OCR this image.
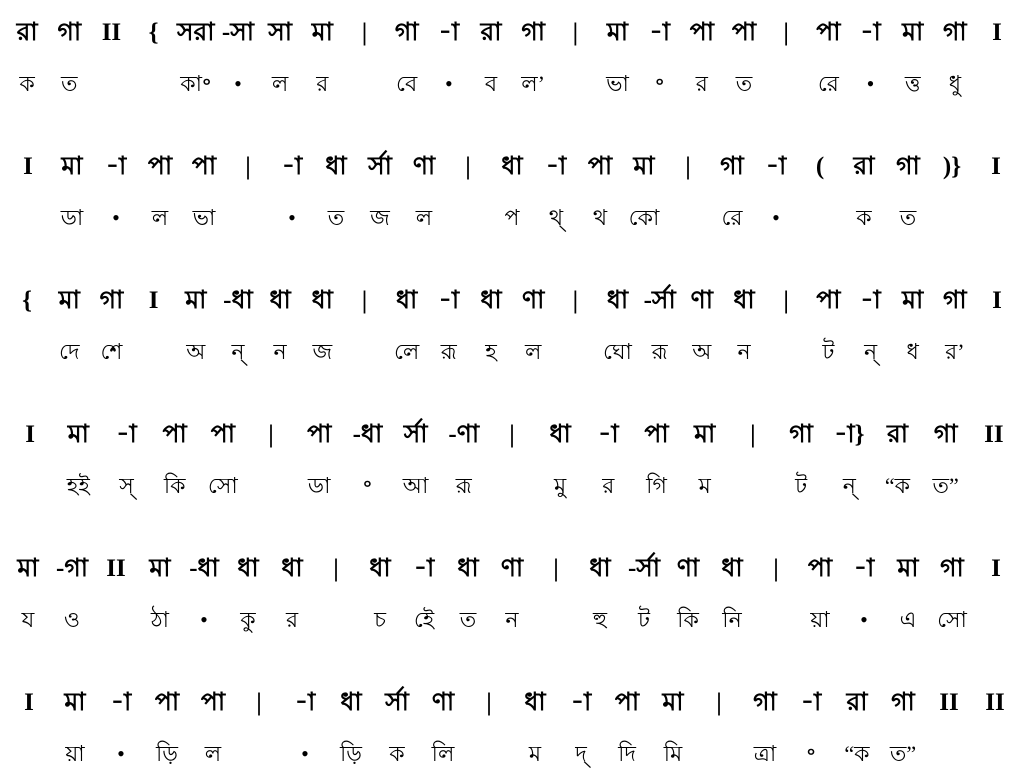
রা গা II	{ সরা -সা সা মা	|	গা -া রা গা	|	মা -া পা পা	|	পা -া মা গা	I
ক	ত	কা॰	•	ল	র	বে	•	ব	ল’	ভা	॰	র	ত	রে	•	ত্ত	ধু
I	মা -া পা পা	|	-া ধা র্সা ণা	|	ধা -া পা মা	|	গা -া	(	রা গা )}	I
ডা	•	ল	ভা	•	ত	জ	ল	প	থ্	থ কো	রে	•	ক	ত
{	মা গা	I	মা -ধা ধা ধা	|	ধা -া ধা ণা	|	ধা -র্সা ণা ধা	|	পা -া মা গা	I
দে শে	অ	ন্	ন	জ	লে রূ	হ	ল	ঘো রূ	অ	ন	ট	ন্	ধ	র’
I	মা	-া	পা পা	|	পা -ধা র্সা -ণা	|	ধা	-া	পা	মা	|	গা -া} রা	গা	II
হই	স্	কি	সো	ডা	॰	আ	রূ	মু	র	গি	ম	ট	ন্	“ক	ত”
মা -গা II মা -ধা ধা ধা	|	ধা -া ধা ণা	|	ধা -র্সা ণা ধা	|	পা -া মা গা	I
য	ও	ঠা	•	কু	র	চ	ইে	ত	ন	হু	ট	কি	নি	য়া	•	এ সো
I	মা	-া পা পা	|	-া	ধা র্সা ণা	|	ধা	-া পা মা	|	গা -া	রা গা II	II
য়া	•	ড়ি	ল	•	ড়ি	ক	লি	ম	দ্	দি	মি	ত্রা	॰	“ক ত”
